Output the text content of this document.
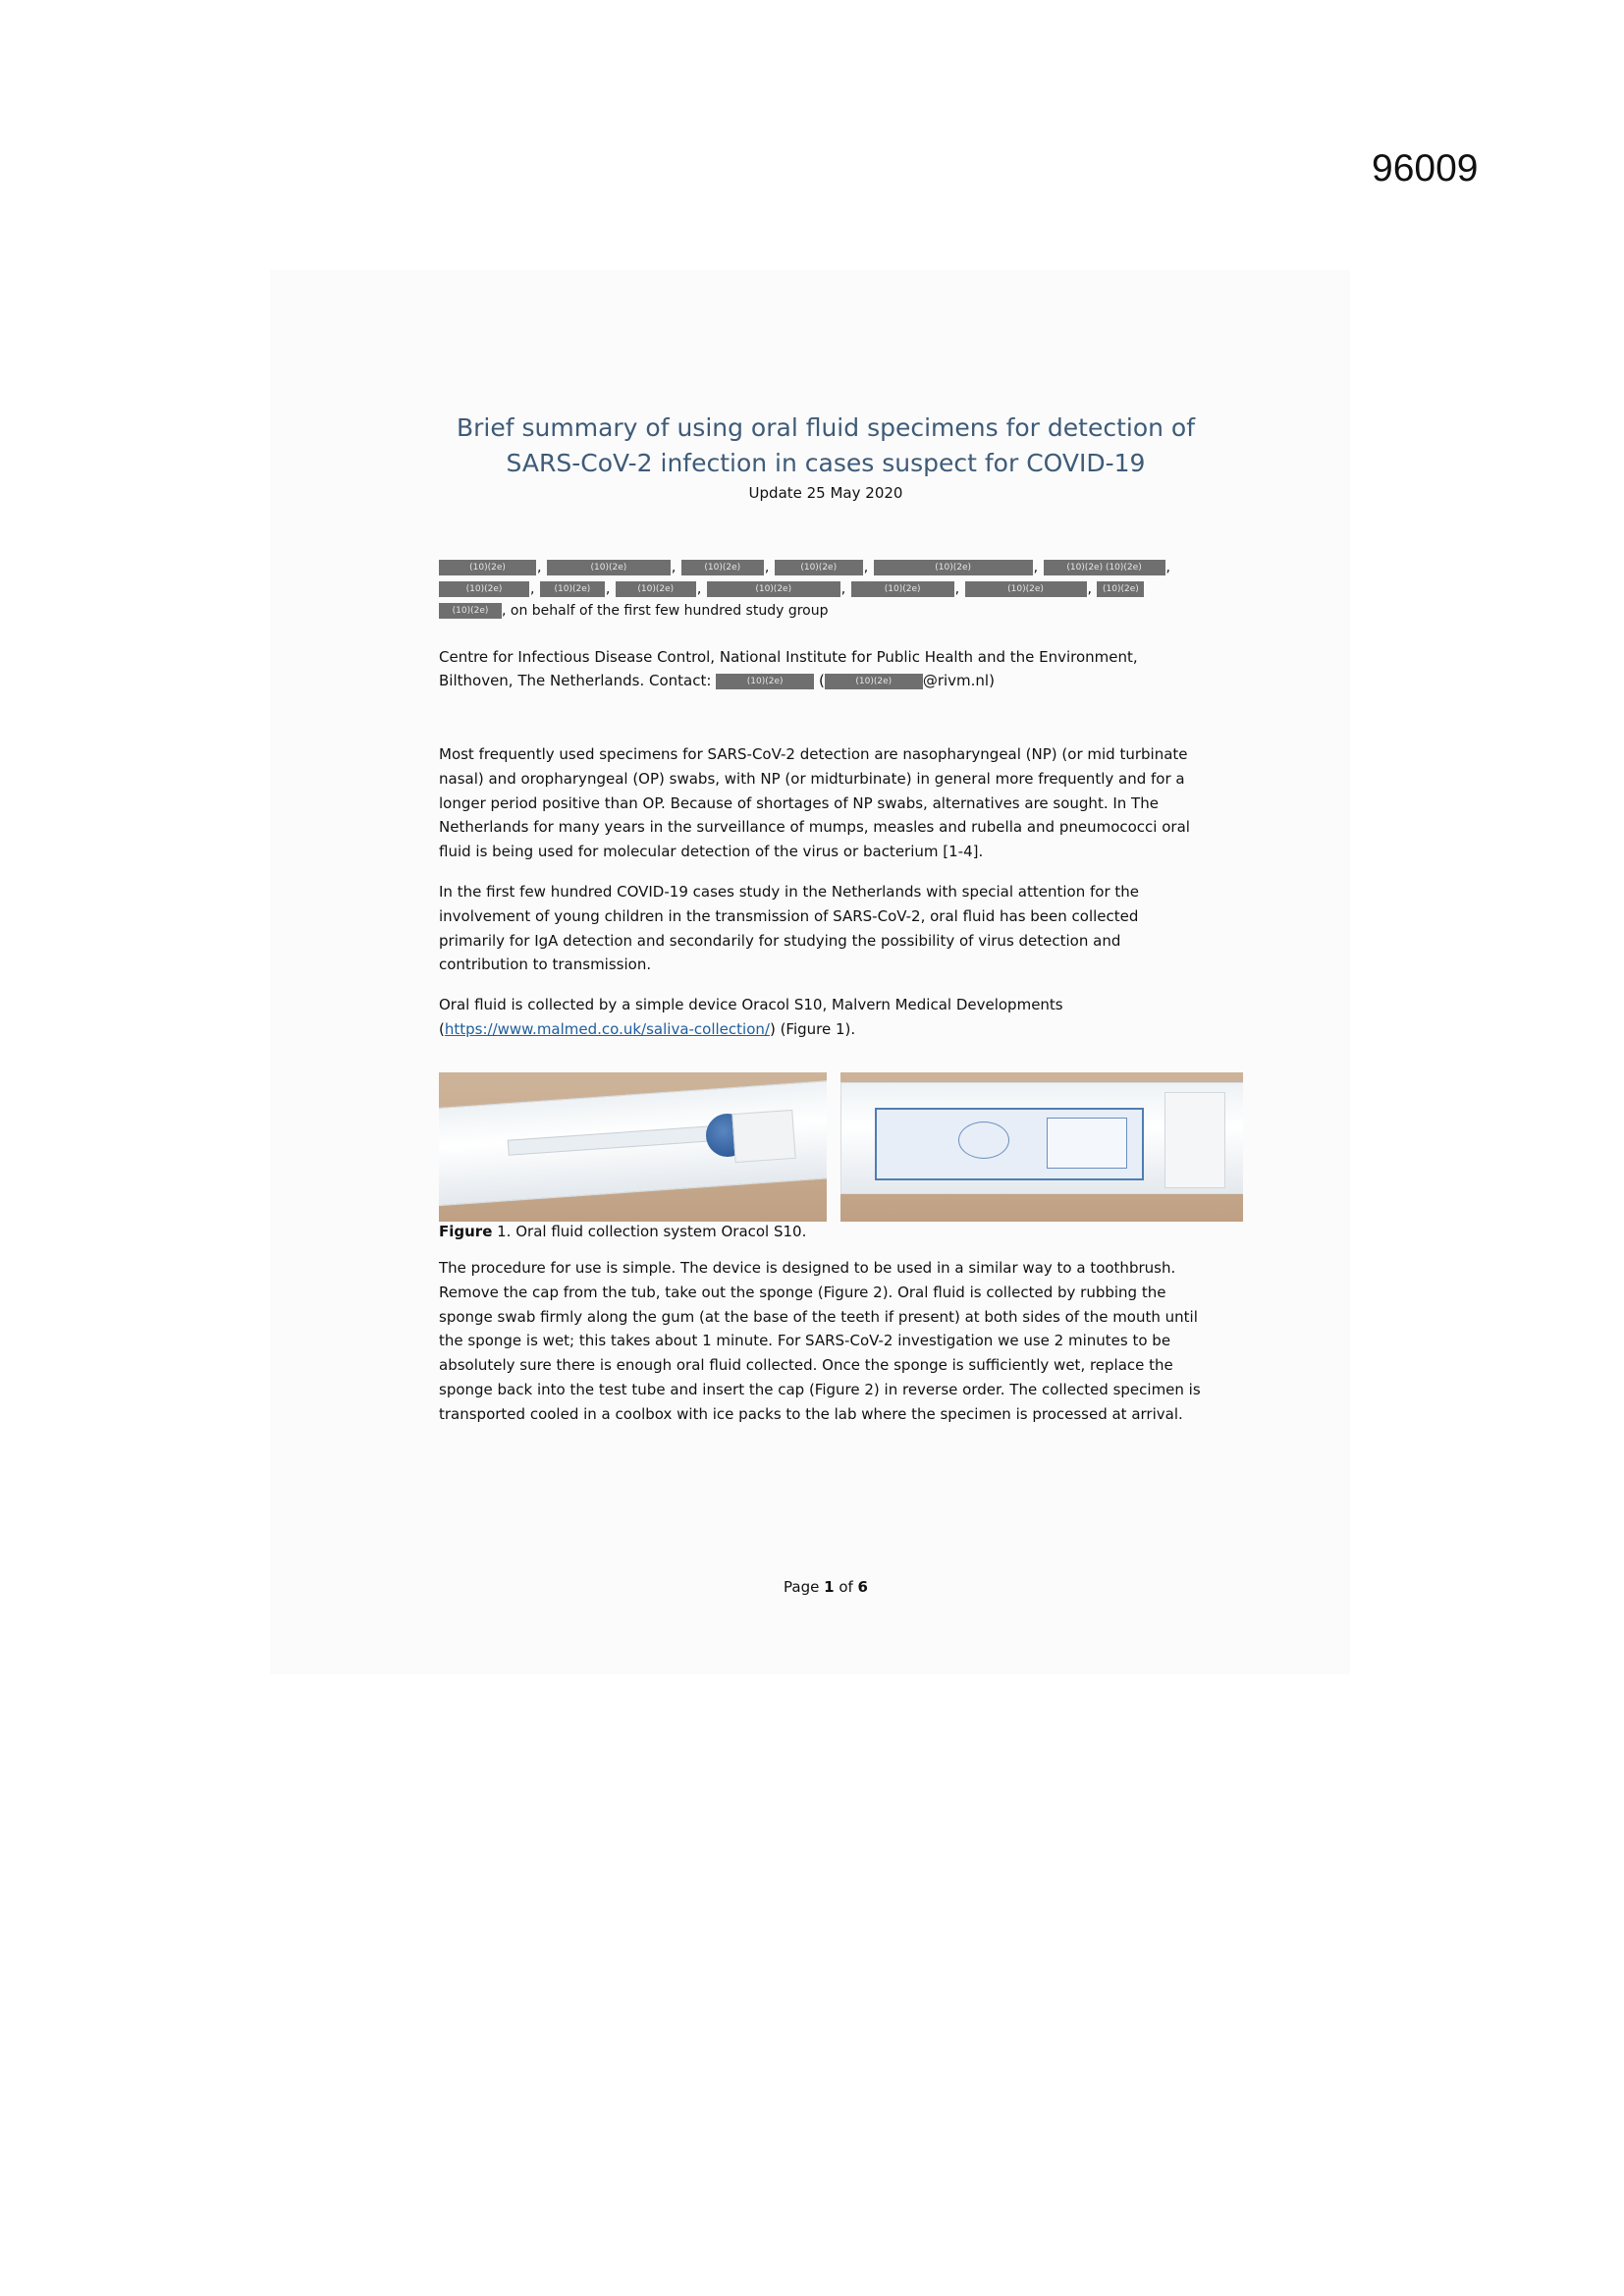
96009
Brief summary of using oral fluid specimens for detection of
SARS-CoV-2 infection in cases suspect for COVID-19
Update 25 May 2020
(10)(2e) ,	(10)(2e)	,	(10)(2e) ,	(10)(2e) ,	(10)(2e)	,	(10)(2e) (10)(2e) ,
(10)(2e) , (10)(2e) ,	(10)(2e) ,	(10)(2e)	,	(10)(2e)	,	(10)(2e)	, (10)(2e)
(10)(2e) , on behalf of the first few hundred study group
Centre for Infectious Disease Control, National Institute for Public Health and the Environment,
Bilthoven, The Netherlands. Contact:	(10)(2e) (	(10)(2e) @rivm.nl)

Most frequently used specimens for SARS-CoV-2 detection are nasopharyngeal (NP) (or mid turbinate nasal) and oropharyngeal (OP) swabs, with NP (or midturbinate) in general more frequently and for a longer period positive than OP. Because of shortages of NP swabs, alternatives are sought. In The Netherlands for many years in the surveillance of mumps, measles and rubella and pneumococci oral fluid is being used for molecular detection of the virus or bacterium [1-4].

In the first few hundred COVID-19 cases study in the Netherlands with special attention for the involvement of young children in the transmission of SARS-CoV-2, oral fluid has been collected primarily for IgA detection and secondarily for studying the possibility of virus detection and contribution to transmission.

Oral fluid is collected by a simple device Oracol S10, Malvern Medical Developments
(https://www.malmed.co.uk/saliva-collection/) (Figure 1).

Figure 1. Oral fluid collection system Oracol S10.

The procedure for use is simple. The device is designed to be used in a similar way to a toothbrush. Remove the cap from the tub, take out the sponge (Figure 2). Oral fluid is collected by rubbing the sponge swab firmly along the gum (at the base of the teeth if present) at both sides of the mouth until the sponge is wet; this takes about 1 minute. For SARS-CoV-2 investigation we use 2 minutes to be absolutely sure there is enough oral fluid collected. Once the sponge is sufficiently wet, replace the sponge back into the test tube and insert the cap (Figure 2) in reverse order. The collected specimen is transported cooled in a coolbox with ice packs to the lab where the specimen is processed at arrival.

Page 1 of 6
